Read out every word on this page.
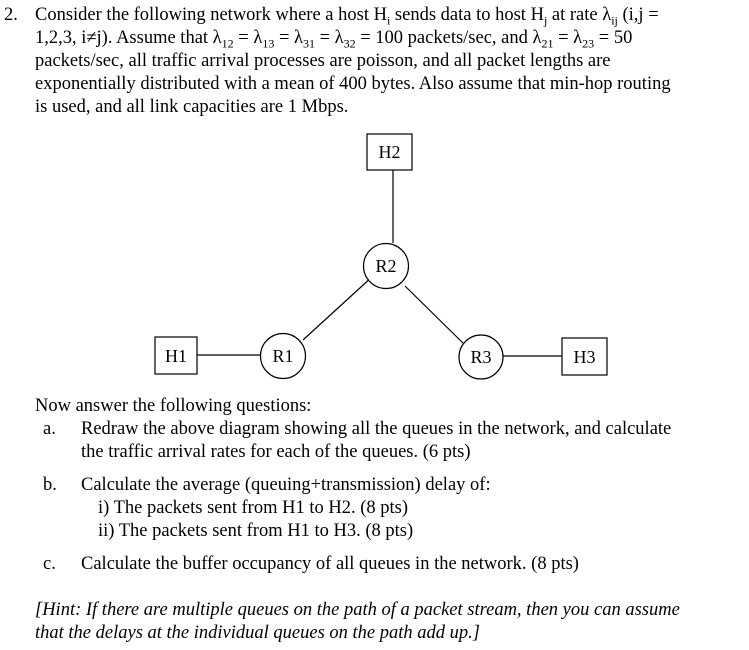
2. Consider the following network where a host $H_i$ sends data to host $H_j$ at rate $\lambda_{ij}$ (i,j =
1,2,3, i≠j). Assume that $\lambda_{12} = \lambda_{13} = \lambda_{31} = \lambda_{32} = 100$ packets/sec, and $\lambda_{21} = \lambda_{23} = 50$
packets/sec, all traffic arrival processes are poisson, and all packet lengths are
exponentially distributed with a mean of 400 bytes. Also assume that min-hop routing
is used, and all link capacities are 1 Mbps.
H2
H1	H3
R2
R1	R3
Now answer the following questions:
a. Redraw the above diagram showing all the queues in the network, and calculate
the traffic arrival rates for each of the queues. (6 pts)
b. Calculate the average (queuing+transmission) delay of:
i) The packets sent from H1 to H2. (8 pts)
ii) The packets sent from H1 to H3. (8 pts)
c. Calculate the buffer occupancy of all queues in the network. (8 pts)
[Hint: If there are multiple queues on the path of a packet stream, then you can assume
that the delays at the individual queues on the path add up.]
